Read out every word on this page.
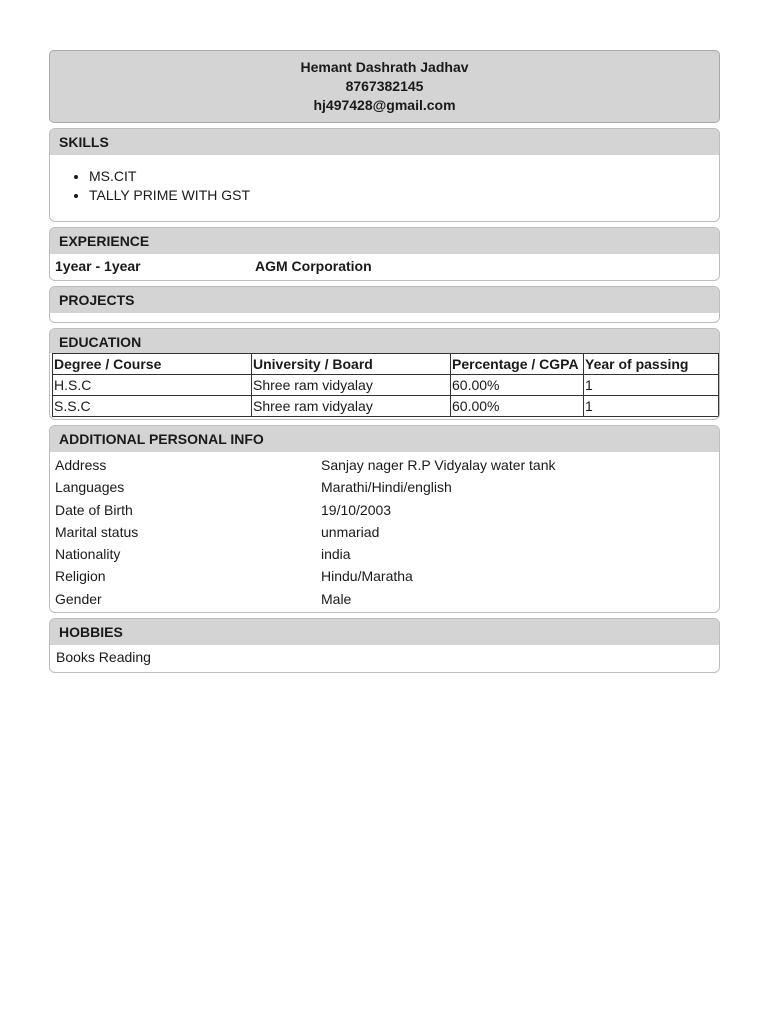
Hemant Dashrath Jadhav
8767382145
hj497428@gmail.com
SKILLS
• MS.CIT
• TALLY PRIME WITH GST
EXPERIENCE
1year - 1year	AGM Corporation
PROJECTS
EDUCATION
Degree / Course	University / Board	Percentage / CGPA	Year of passing
H.S.C	Shree ram vidyalay	60.00%	1
S.S.C	Shree ram vidyalay	60.00%	1
ADDITIONAL PERSONAL INFO
Address	Sanjay nager R.P Vidyalay water tank
Languages	Marathi/Hindi/english
Date of Birth	19/10/2003
Marital status	unmariad
Nationality	india
Religion	Hindu/Maratha
Gender	Male
HOBBIES
Books Reading
